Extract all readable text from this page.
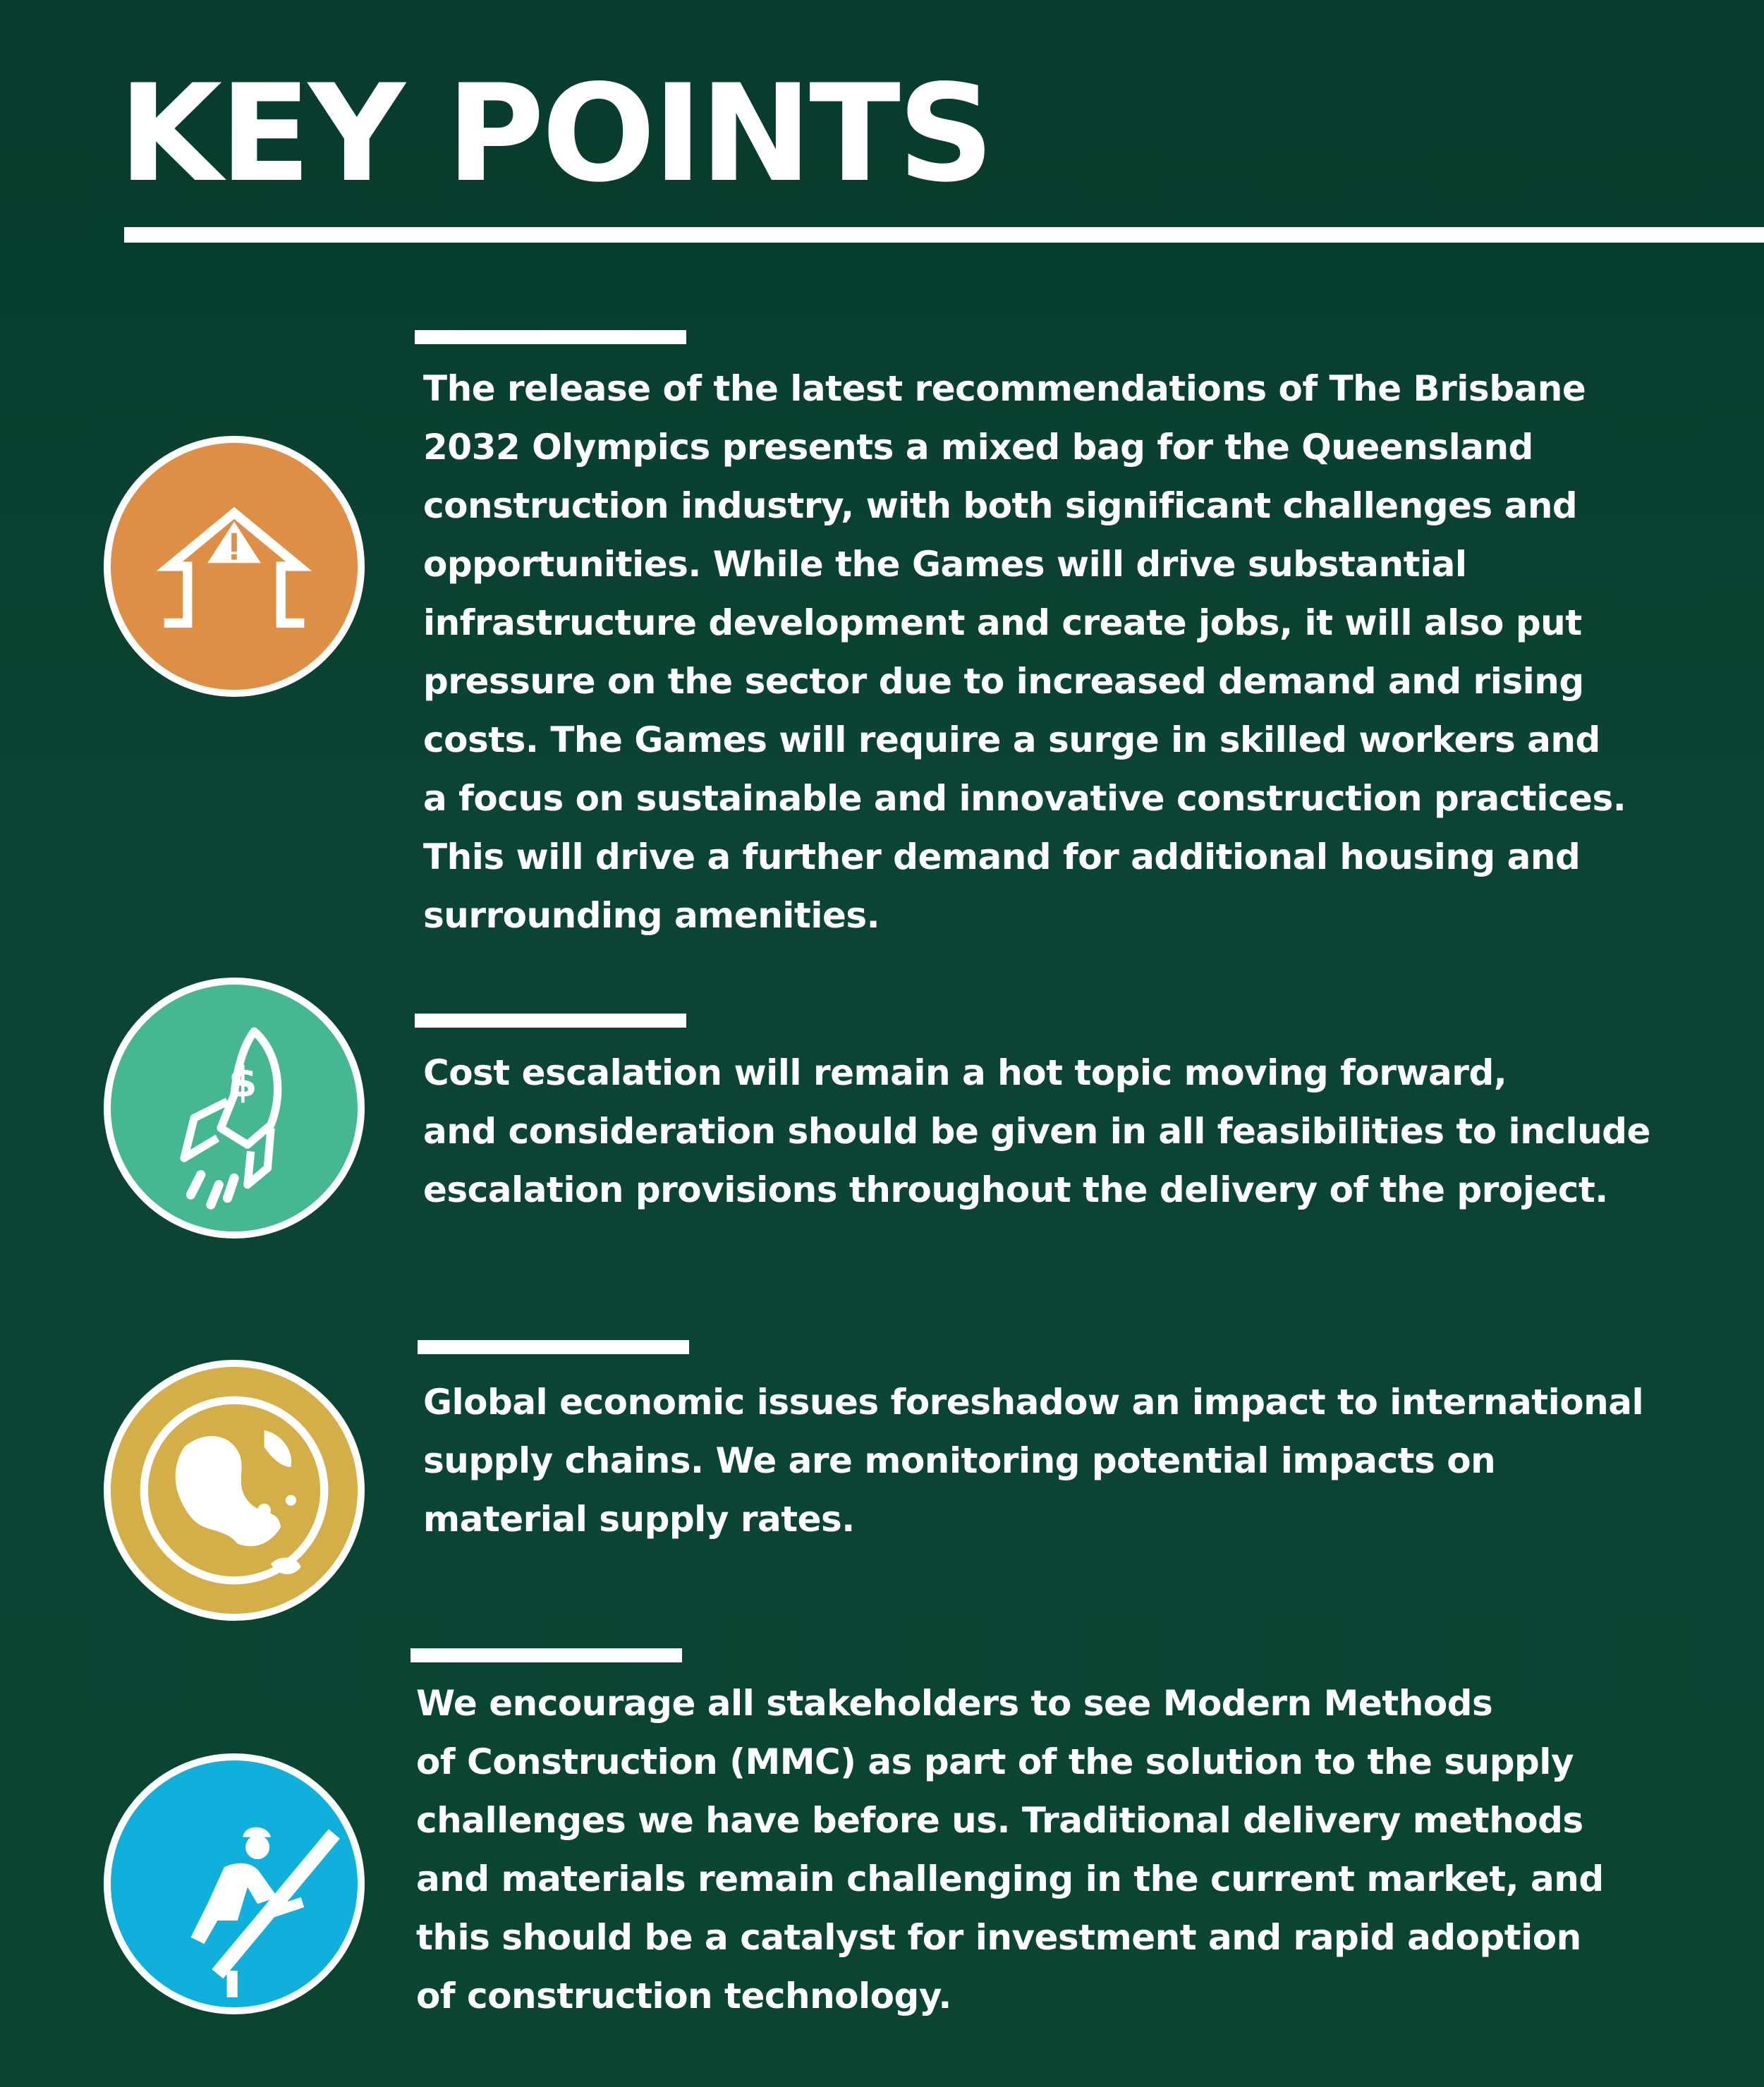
KEY POINTS

The release of the latest recommendations of The Brisbane
2032 Olympics presents a mixed bag for the Queensland
construction industry, with both significant challenges and
opportunities. While the Games will drive substantial
infrastructure development and create jobs, it will also put
pressure on the sector due to increased demand and rising
costs. The Games will require a surge in skilled workers and
a focus on sustainable and innovative construction practices.
This will drive a further demand for additional housing and
surrounding amenities.

$	Cost escalation will remain a hot topic moving forward,
and consideration should be given in all feasibilities to include
escalation provisions throughout the delivery of the project.

Global economic issues foreshadow an impact to international
supply chains. We are monitoring potential impacts on
material supply rates.

We encourage all stakeholders to see Modern Methods
of Construction (MMC) as part of the solution to the supply
challenges we have before us. Traditional delivery methods
and materials remain challenging in the current market, and
this should be a catalyst for investment and rapid adoption
of construction technology.
